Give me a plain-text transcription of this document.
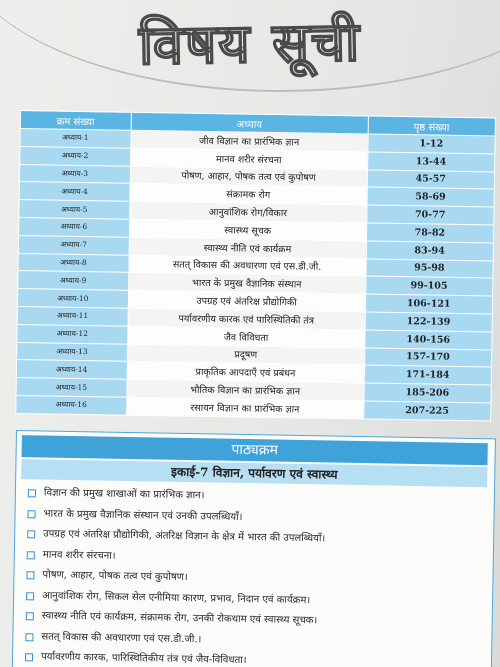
विषय सूची
क्रम संख्या	अध्याय	पृष्ठ संख्या
अध्याय-1	जीव विज्ञान का प्रारंभिक ज्ञान	1-12
अध्याय-2	मानव शरीर संरचना	13-44
अध्याय-3	पोषण, आहार, पोषक तत्व एवं कुपोषण	45-57
अध्याय-4	संक्रामक रोग	58-69
अध्याय-5	आनुवांशिक रोग/विकार	70-77
अध्याय-6	स्वास्थ्य सूचक	78-82
अध्याय-7	स्वास्थ्य नीति एवं कार्यक्रम	83-94
अध्याय-8	सतत् विकास की अवधारणा एवं एस.डी.जी.	95-98
अध्याय-9	भारत के प्रमुख वैज्ञानिक संस्थान	99-105
अध्याय-10	उपग्रह एवं अंतरिक्ष प्रौद्योगिकी	106-121
अध्याय-11	पर्यावरणीय कारक एवं पारिस्थितिकी तंत्र	122-139
अध्याय-12	जैव विविधता	140-156
अध्याय-13	प्रदूषण	157-170
अध्याय-14	प्राकृतिक आपदाएँ एवं प्रबंधन	171-184
अध्याय-15	भौतिक विज्ञान का प्रारंभिक ज्ञान	185-206
अध्याय-16	रसायन विज्ञान का प्रारंभिक ज्ञान	207-225
पाठ्यक्रम
इकाई-7 विज्ञान, पर्यावरण एवं स्वास्थ्य
विज्ञान की प्रमुख शाखाओं का प्रारंभिक ज्ञान।
भारत के प्रमुख वैज्ञानिक संस्थान एवं उनकी उपलब्धियाँ।
उपग्रह एवं अंतरिक्ष प्रौद्योगिकी, अंतरिक्ष विज्ञान के क्षेत्र में भारत की उपलब्धियाँ।
मानव शरीर संरचना।
पोषण, आहार, पोषक तत्व एवं कुपोषण।
आनुवांशिक रोग, सिकल सेल एनीमिया कारण, प्रभाव, निदान एवं कार्यक्रम।
स्वास्थ्य नीति एवं कार्यक्रम, संक्रामक रोग, उनकी रोकथाम एवं स्वास्थ्य सूचक।
सतत् विकास की अवधारणा एवं एस.डी.जी.।
पर्यावरणीय कारक, पारिस्थितिकीय तंत्र एवं जैव-विविधता।
